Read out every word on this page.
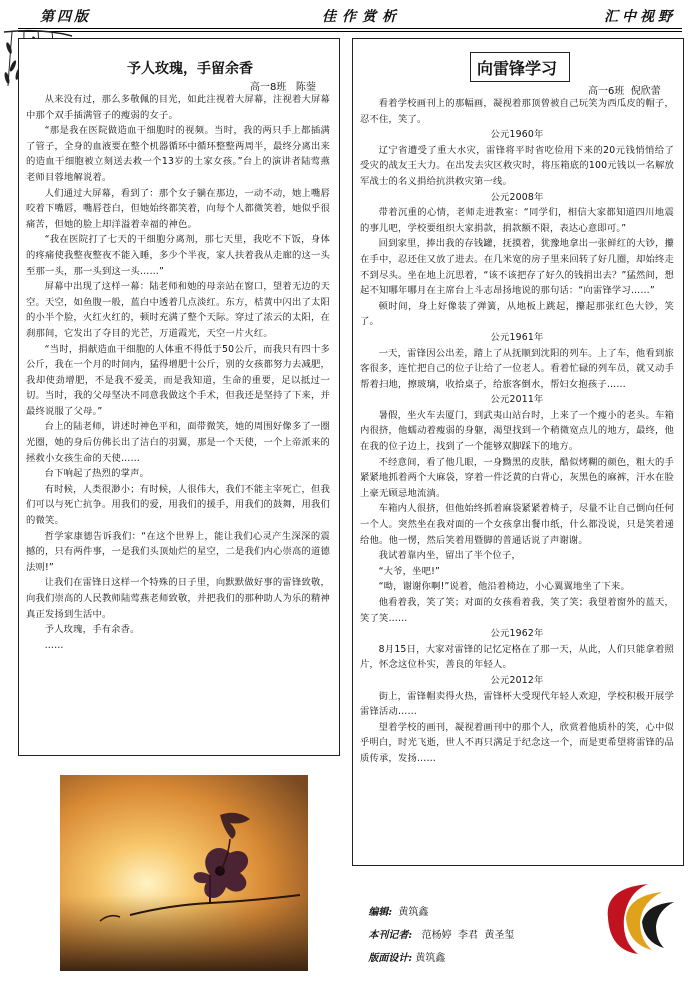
第四版	佳作赏析	汇中视野
予人玫瑰，手留余香
高一8班   陈蓥

从来没有过，那么多敬佩的目光，如此注视着大屏幕，注视着大屏幕中那个双手插满管子的瘦弱的女子。

“那是我在医院做造血干细胞时的视频。当时，我的两只手上都插满了管子，全身的血液要在整个机器循环中循环整整两周半，最终分离出来的造血干细胞被立刻送去救一个13岁的土家女孩。”台上的演讲者陆莺燕老师目蓉地解说着。

人们通过大屏幕，看到了：那个女子躺在那边，一动不动，她上嘴唇咬着下嘴唇，嘴唇苍白，但她始终都笑着，向每个人都微笑着，她似乎很痛苦，但她的脸上却洋溢着幸福的神色。

“我在医院打了七天的干细胞分离剂，那七天里，我吃不下饭，身体的疼痛使我整夜整夜不能入睡，多少个半夜，家人扶着我从走廊的这一头至那一头，那一头到这一头……”

屏幕中出现了这样一幕：陆老师和她的母亲站在窗口，望着无边的天空。天空，如鱼腹一般，蓝白中透着几点淡红。东方，桔黄中闪出了太阳的小半个脸，火红火红的，顿时充满了整个天际。穿过了浓云的太阳，在刹那间，它发出了夺目的光芒，万道霞光，天空一片火红。

“当时，捐献造血干细胞的人体重不得低于50公斤，而我只有四十多公斤，我在一个月的时间内，猛得增肥十公斤，别的女孩都努力去减肥，我却使劲增肥，不是我不爱美，而是我知道，生命的重要，足以抵过一切。当时，我的父母坚决不同意我做这个手术，但我还是坚持了下来，并最终说服了父母。”

台上的陆老师，讲述时神色平和，面带微笑，她的周围好像多了一圈光圈，她的身后仿佛长出了洁白的羽翼，那是一个天使，一个上帝派来的拯救小女孩生命的天使……

台下响起了热烈的掌声。

有时候，人类很渺小；有时候，人很伟大，我们不能主宰死亡，但我们可以与死亡抗争。用我们的爱，用我们的援手，用我们的鼓舞，用我们的微笑。

哲学家康德告诉我们：“在这个世界上，能让我们心灵产生深深的震撼的，只有两件事，一是我们头顶灿烂的星空，二是我们内心崇高的道德法则!”

让我们在雷锋日这样一个特殊的日子里，向默默做好事的雷锋致敬，向我们崇高的人民教师陆莺燕老师致敬，并把我们的那种助人为乐的精神真正发扬到生活中。

予人玫瑰，手有余香。

……

向雷锋学习
高一6班  倪欣蕾

看着学校画刊上的那幅画，凝视着那顶曾被自己玩笑为西瓜皮的帽子，忍不住，笑了。

公元1960年

辽宁省遭受了重大水灾，雷锋将平时省吃俭用下来的20元钱悄悄给了受灾的战友王大力。在出发去灾区救灾时，将压箱底的100元钱以一名解放军战士的名义捐给抗洪救灾第一线。

公元2008年

带着沉重的心情，老师走进教室：“同学们，相信大家都知道四川地震的事儿吧，学校要组织大家捐款，捐款额不限，表达心意即可。”

回到家里，捧出我的存钱罐，抚摸着，犹豫地拿出一张鲜红的大钞，攥在手中，忍还住又放了进去。在几米宽的房子里来回转了好几圈，却始终走不到尽头。坐在地上沉思着，“该不该把存了好久的钱捐出去？”猛然间，想起不知哪年哪月在主席台上斗志昂扬地说的那句话：“向雷锋学习……”

顿时间，身上好像装了弹簧，从地板上跳起，攥起那张红色大钞，笑了。

公元1961年

一天，雷锋因公出差，踏上了从抚顺到沈阳的列车。上了车，他看到旅客很多，连忙把自己的位子让给了一位老人。看着忙碌的列车员，就又动手帮着扫地，擦玻璃，收拾桌子，给旅客倒水，帮妇女抱孩子……

公元2011年

暑假，坐火车去厦门，到武夷山站台时，上来了一个瘦小的老头。车箱内很挤，他蠕动着瘦弱的身躯，渴望找到一个稍微宽点儿的地方，最终，他在我的位子边上，找到了一个能够双脚踩下的地方。

不经意间，看了他几眼，一身黝黑的皮肤，酷似烤糊的颜色，粗大的手紧紧地抓着两个大麻袋，穿着一件泛黄的白背心，灰黑色的麻裤，汗水在脸上豪无顾忌地流淌。

车箱内人很挤，但他始终抓着麻袋紧紧着椅子，尽量不让自己倒向任何一个人。突然坐在我对面的一个女孩拿出餐巾纸，什么都没说，只是笑着递给他。他一愣，然后笑着用暨脚的普通话说了声谢谢。

我试着靠内坐，留出了半个位子，

“大爷，坐吧!”

“呦，谢谢你啊!”说着，他沿着椅边，小心翼翼地坐了下来。

他看着我，笑了笑；对面的女孩看着我，笑了笑；我望着窗外的蓝天，笑了笑……

公元1962年

8月15日，大家对雷锋的记忆定格在了那一天，从此，人们只能拿着照片，怀念这位朴实，善良的年轻人。

公元2012年

街上，雷锋帽卖得火热，雷锋杯大受现代年轻人欢迎，学校积极开展学雷锋活动……

望着学校的画刊，凝视着画刊中的那个人，欣赏着他质朴的笑，心中似乎明白，时光飞逝，世人不再只满足于纪念这一个，而是更希望将雷锋的品质传承，发扬……

编辑: 黄筑鑫

本刊记者: 范杨婷  李君  黄圣玺

版面设计: 黄筑鑫
